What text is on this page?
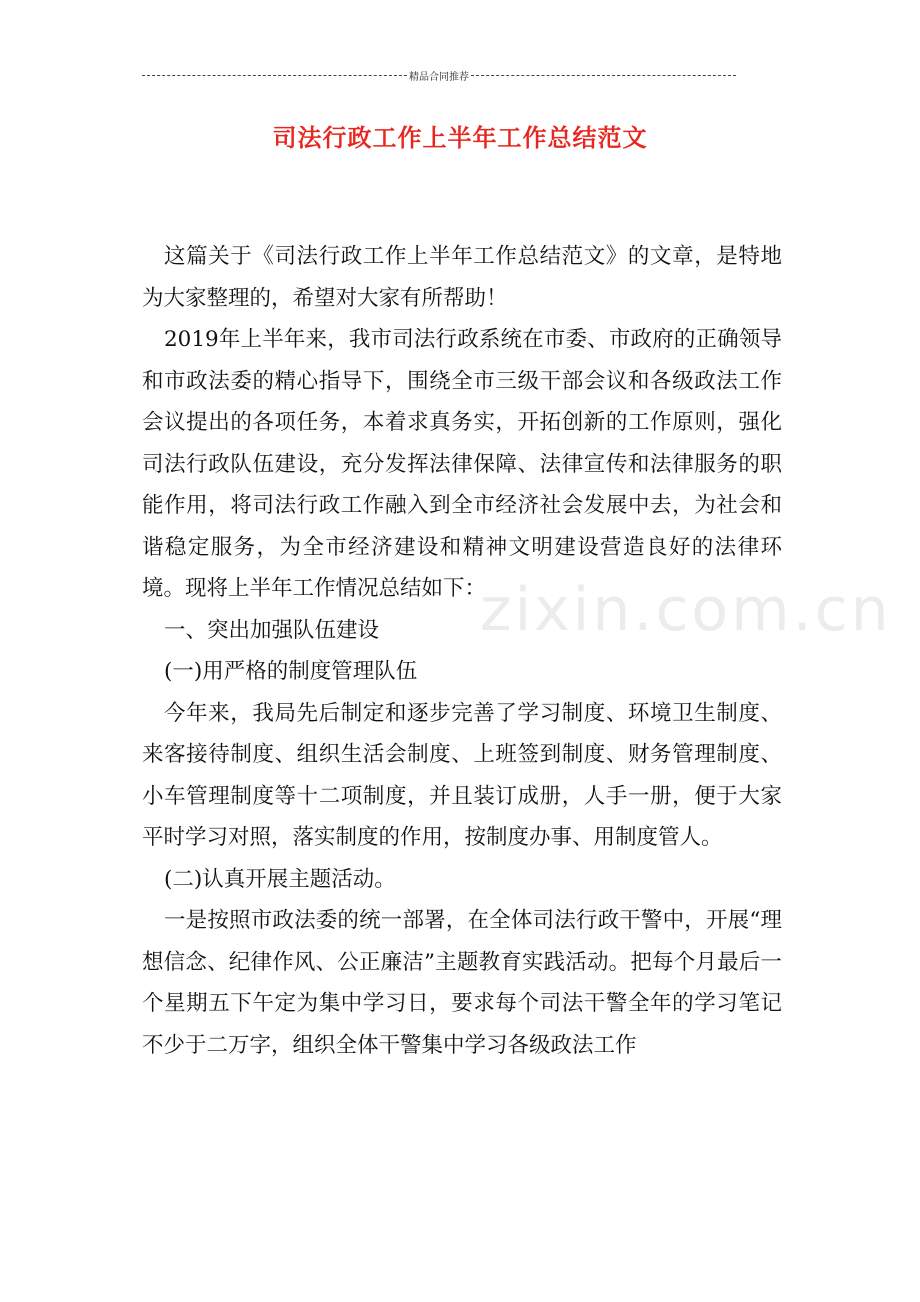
精品合同推荐
司法行政工作上半年工作总结范文
zixin.com.cn

这篇关于《司法行政工作上半年工作总结范文》的文章，是特地为大家整理的，希望对大家有所帮助！

2019年上半年来，我市司法行政系统在市委、市政府的正确领导和市政法委的精心指导下，围绕全市三级干部会议和各级政法工作会议提出的各项任务，本着求真务实，开拓创新的工作原则，强化司法行政队伍建设，充分发挥法律保障、法律宣传和法律服务的职能作用，将司法行政工作融入到全市经济社会发展中去，为社会和谐稳定服务，为全市经济建设和精神文明建设营造良好的法律环境。现将上半年工作情况总结如下：

一、突出加强队伍建设

(一)用严格的制度管理队伍

今年来，我局先后制定和逐步完善了学习制度、环境卫生制度、来客接待制度、组织生活会制度、上班签到制度、财务管理制度、小车管理制度等十二项制度，并且装订成册，人手一册，便于大家平时学习对照，落实制度的作用，按制度办事、用制度管人。

(二)认真开展主题活动。

一是按照市政法委的统一部署，在全体司法行政干警中，开展“理想信念、纪律作风、公正廉洁”主题教育实践活动。把每个月最后一个星期五下午定为集中学习日，要求每个司法干警全年的学习笔记不少于二万字，组织全体干警集中学习各级政法工作
